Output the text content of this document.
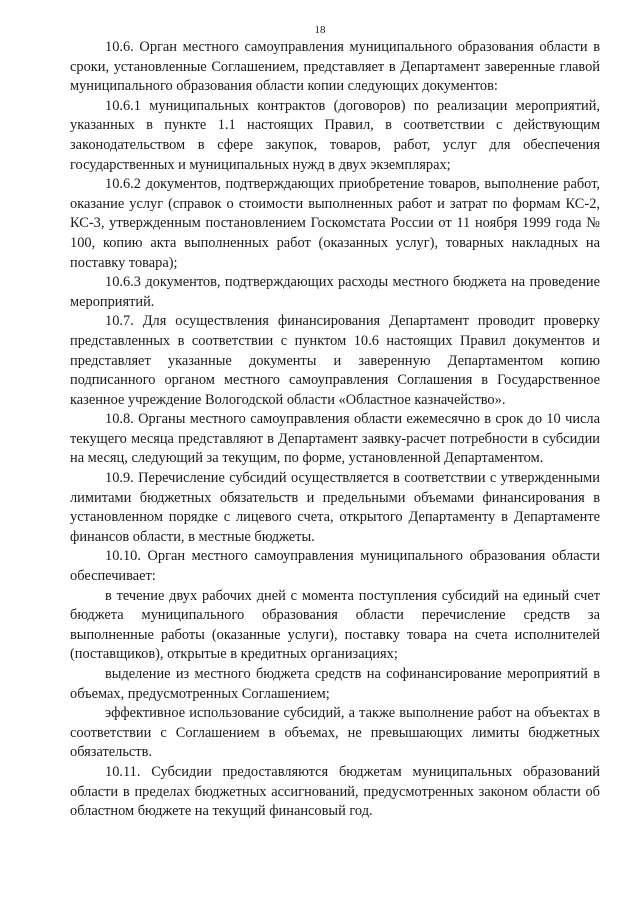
18

10.6. Орган местного самоуправления муниципального образования области в сроки, установленные Соглашением, представляет в Департамент заверенные главой муниципального образования области копии следующих документов:

10.6.1 муниципальных контрактов (договоров) по реализации мероприятий, указанных в пункте 1.1 настоящих Правил, в соответствии с действующим законодательством в сфере закупок, товаров, работ, услуг для обеспечения государственных и муниципальных нужд в двух экземплярах;

10.6.2 документов, подтверждающих приобретение товаров, выполнение работ, оказание услуг (справок о стоимости выполненных работ и затрат по формам КС-2, КС-3, утвержденным постановлением Госкомстата России от 11 ноября 1999 года № 100, копию акта выполненных работ (оказанных услуг), товарных накладных на поставку товара);

10.6.3 документов, подтверждающих расходы местного бюджета на проведение мероприятий.

10.7. Для осуществления финансирования Департамент проводит проверку представленных в соответствии с пунктом 10.6 настоящих Правил документов и представляет указанные документы и заверенную Департаментом копию подписанного органом местного самоуправления Соглашения в Государственное казенное учреждение Вологодской области «Областное казначейство».

10.8. Органы местного самоуправления области ежемесячно в срок до 10 числа текущего месяца представляют в Департамент заявку-расчет потребности в субсидии на месяц, следующий за текущим, по форме, установленной Департаментом.

10.9. Перечисление субсидий осуществляется в соответствии с утвержденными лимитами бюджетных обязательств и предельными объемами финансирования в установленном порядке с лицевого счета, открытого Департаменту в Департаменте финансов области, в местные бюджеты.

10.10. Орган местного самоуправления муниципального образования области обеспечивает:

в течение двух рабочих дней с момента поступления субсидий на единый счет бюджета муниципального образования области перечисление средств за выполненные работы (оказанные услуги), поставку товара на счета исполнителей (поставщиков), открытые в кредитных организациях;

выделение из местного бюджета средств на софинансирование мероприятий в объемах, предусмотренных Соглашением;

эффективное использование субсидий, а также выполнение работ на объектах в соответствии с Соглашением в объемах, не превышающих лимиты бюджетных обязательств.

10.11. Субсидии предоставляются бюджетам муниципальных образований области в пределах бюджетных ассигнований, предусмотренных законом области об областном бюджете на текущий финансовый год.
